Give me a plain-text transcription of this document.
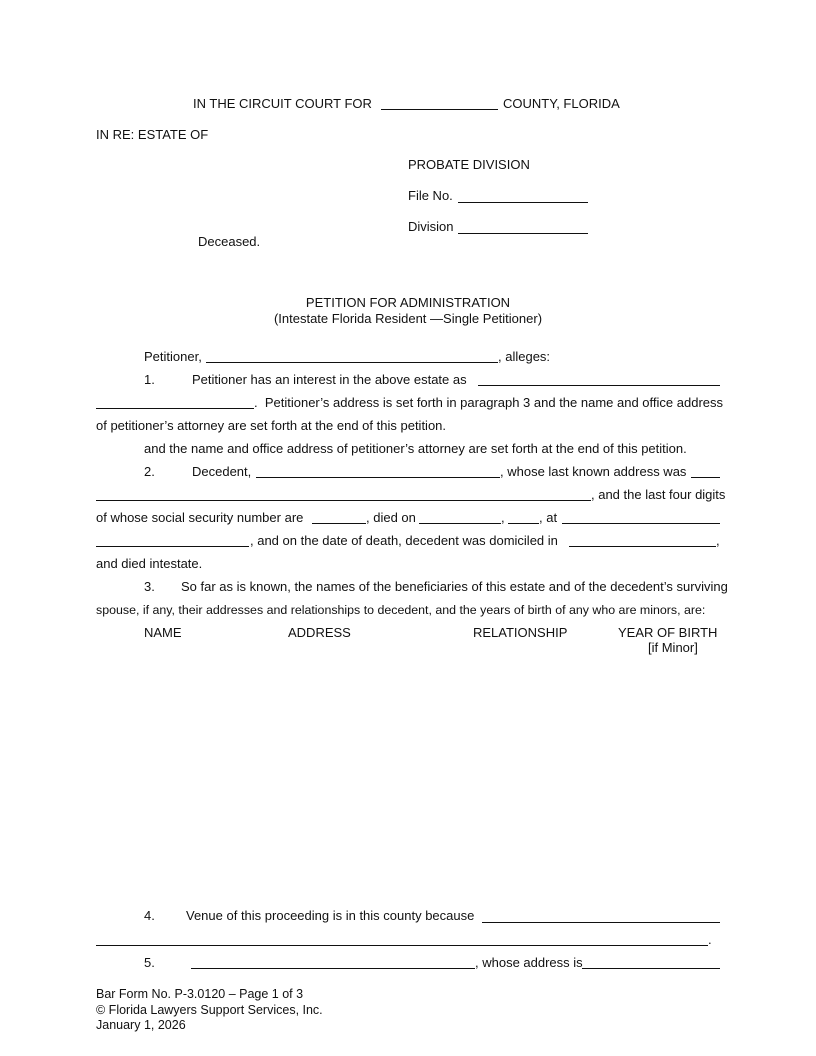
IN THE CIRCUIT COURT FOR	COUNTY, FLORIDA
IN RE: ESTATE OF
PROBATE DIVISION
File No.
Division
Deceased.
PETITION FOR ADMINISTRATION
(Intestate Florida Resident —Single Petitioner)
Petitioner,	, alleges:
1.	Petitioner has an interest in the above estate as
.  Petitioner’s address is set forth in paragraph 3 and the name and office address
of petitioner’s attorney are set forth at the end of this petition.
and the name and office address of petitioner’s attorney are set forth at the end of this petition.
2.	Decedent,	, whose last known address was
, and the last four digits
of whose social security number are	, died on	,	, at
, and on the date of death, decedent was domiciled in	,
and died intestate.
3. So far as is known, the names of the beneficiaries of this estate and of the decedent’s surviving
spouse, if any, their addresses and relationships to decedent, and the years of birth of any who are minors, are:
NAME	ADDRESS	RELATIONSHIP	YEAR OF BIRTH
[if Minor]
4. Venue of this proceeding is in this county because
.
5.	, whose address is
Bar Form No. P-3.0120 – Page 1 of 3
© Florida Lawyers Support Services, Inc.
January 1, 2026
